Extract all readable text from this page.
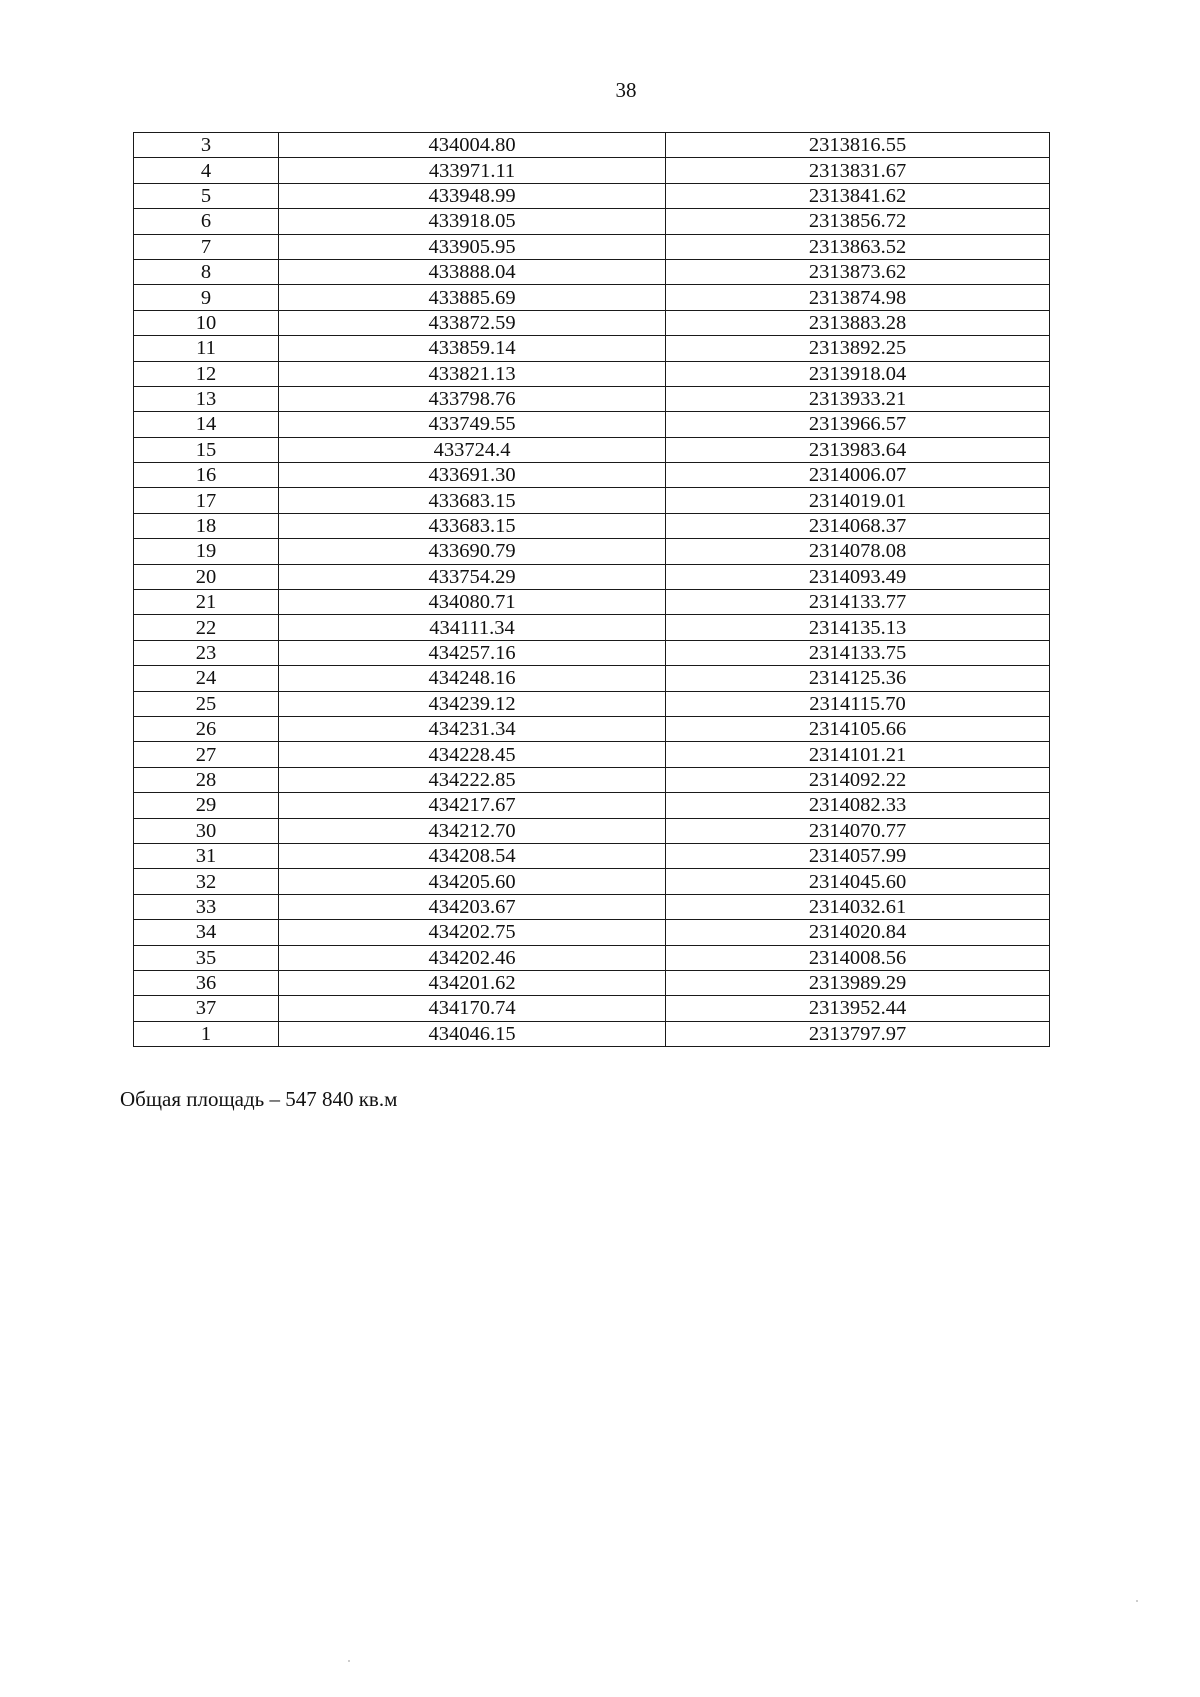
38
3	434004.80	2313816.55
4	433971.11	2313831.67
5	433948.99	2313841.62
6	433918.05	2313856.72
7	433905.95	2313863.52
8	433888.04	2313873.62
9	433885.69	2313874.98
10	433872.59	2313883.28
11	433859.14	2313892.25
12	433821.13	2313918.04
13	433798.76	2313933.21
14	433749.55	2313966.57
15	433724.4	2313983.64
16	433691.30	2314006.07
17	433683.15	2314019.01
18	433683.15	2314068.37
19	433690.79	2314078.08
20	433754.29	2314093.49
21	434080.71	2314133.77
22	434111.34	2314135.13
23	434257.16	2314133.75
24	434248.16	2314125.36
25	434239.12	2314115.70
26	434231.34	2314105.66
27	434228.45	2314101.21
28	434222.85	2314092.22
29	434217.67	2314082.33
30	434212.70	2314070.77
31	434208.54	2314057.99
32	434205.60	2314045.60
33	434203.67	2314032.61
34	434202.75	2314020.84
35	434202.46	2314008.56
36	434201.62	2313989.29
37	434170.74	2313952.44
1	434046.15	2313797.97
Общая площадь – 547 840 кв.м
